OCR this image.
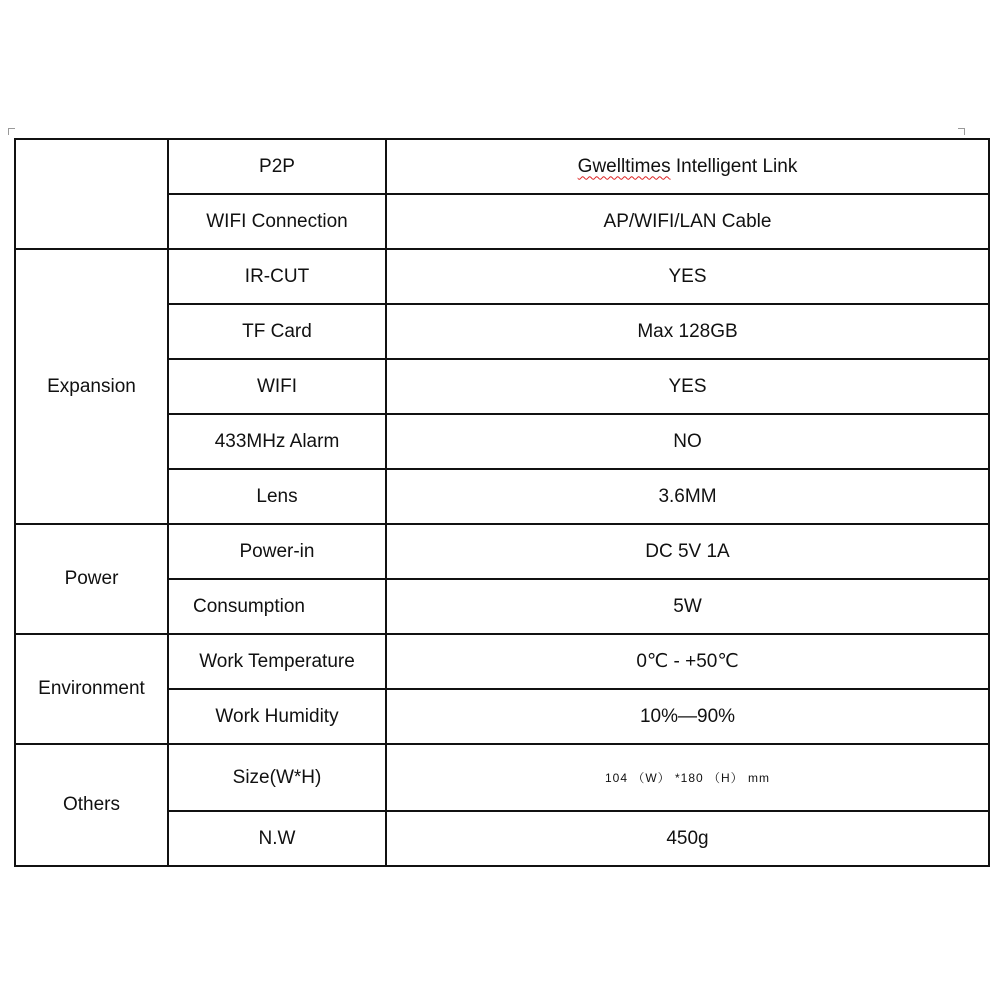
	P2P	Gwelltimes Intelligent Link
	WIFI Connection	AP/WIFI/LAN Cable
Expansion	IR-CUT	YES
	TF Card	Max 128GB
	WIFI	YES
	433MHz Alarm	NO
	Lens	3.6MM
Power	Power-in	DC 5V 1A
	Consumption	5W
Environment	Work Temperature	0℃ - +50℃
	Work Humidity	10%—90%
Others	Size(W*H)	104 （W） *180 （H） mm
	N.W	450g
